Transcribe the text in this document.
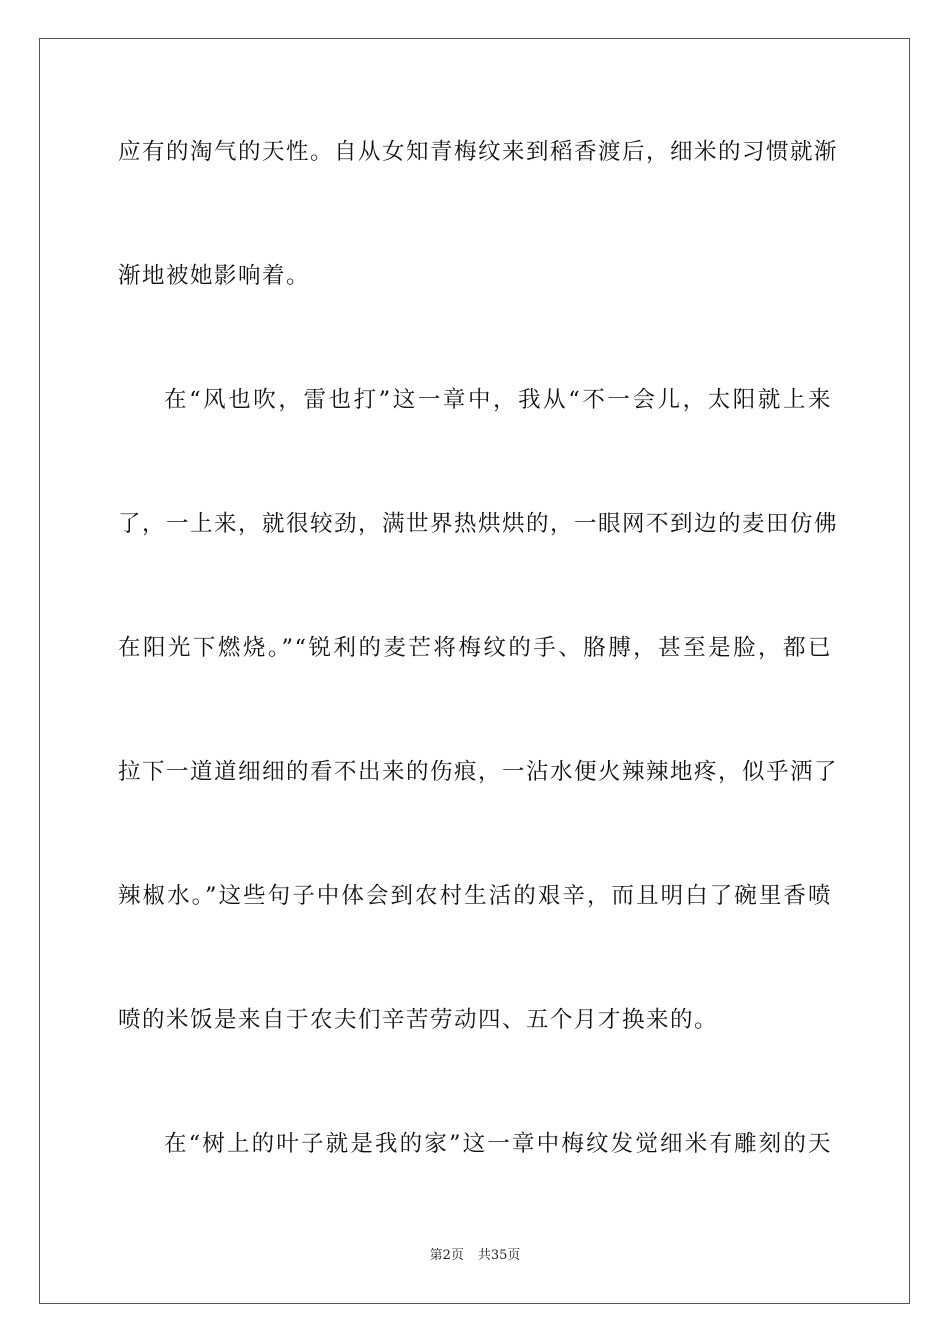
应有的淘气的天性。自从女知青梅纹来到稻香渡后，细米的习惯就渐
渐地被她影响着。
在“风也吹，雷也打”这一章中，我从“不一会儿，太阳就上来
了，一上来，就很较劲，满世界热烘烘的，一眼网不到边的麦田仿佛
在阳光下燃烧。”“锐利的麦芒将梅纹的手、胳膊，甚至是脸，都已
拉下一道道细细的看不出来的伤痕，一沾水便火辣辣地疼，似乎洒了
辣椒水。”这些句子中体会到农村生活的艰辛，而且明白了碗里香喷
喷的米饭是来自于农夫们辛苦劳动四、五个月才换来的。
在“树上的叶子就是我的家”这一章中梅纹发觉细米有雕刻的天
第2页 共35页
